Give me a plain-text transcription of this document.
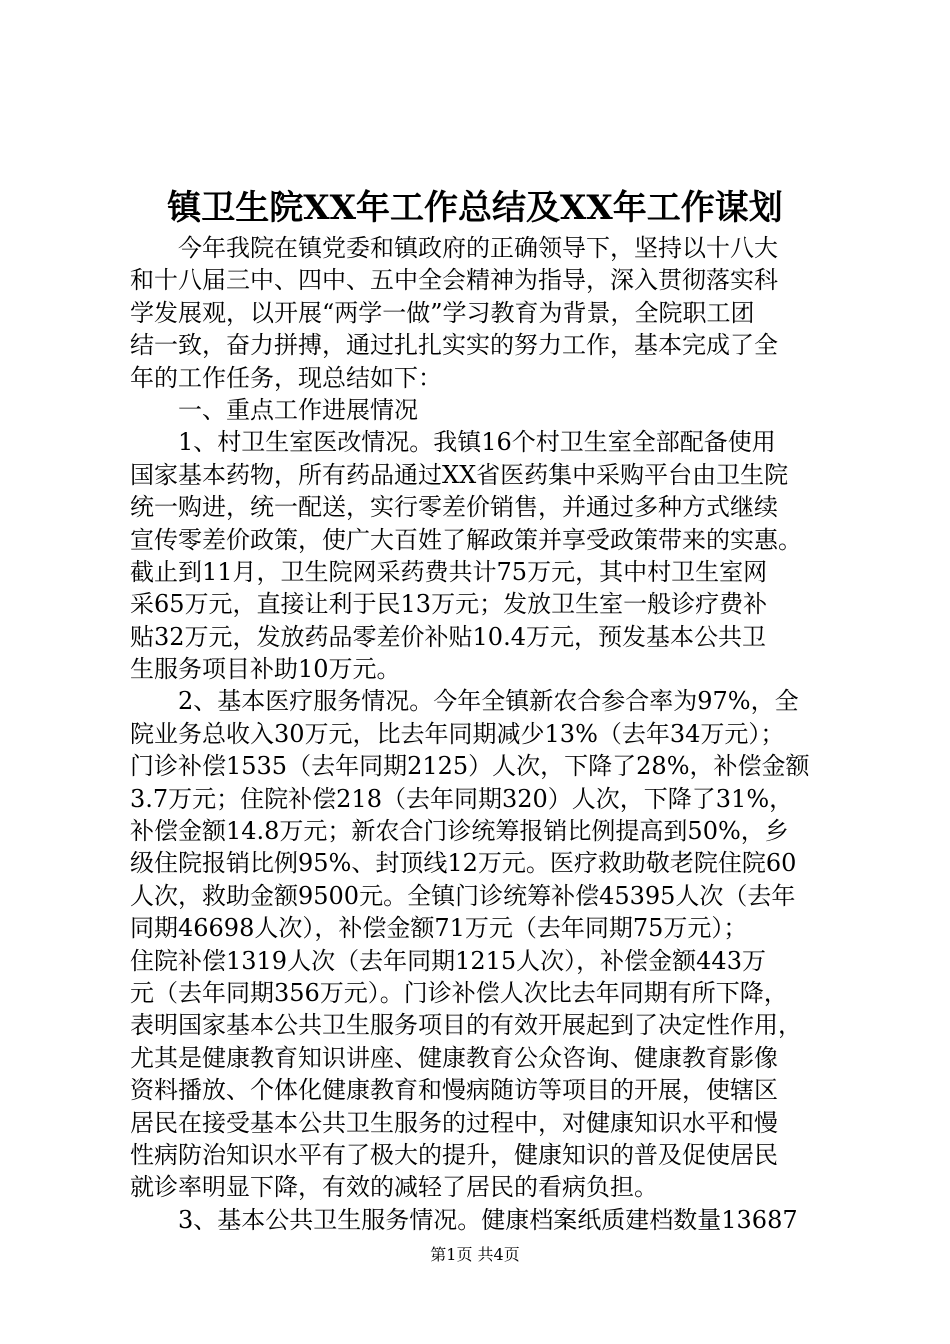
镇卫生院XX年工作总结及XX年工作谋划
　　今年我院在镇党委和镇政府的正确领导下，坚持以十八大
和十八届三中、四中、五中全会精神为指导，深入贯彻落实科
学发展观，以开展“两学一做”学习教育为背景，全院职工团
结一致，奋力拼搏，通过扎扎实实的努力工作，基本完成了全
年的工作任务，现总结如下：
　　一、重点工作进展情况
　　1、村卫生室医改情况。我镇16个村卫生室全部配备使用
国家基本药物，所有药品通过XX省医药集中采购平台由卫生院
统一购进，统一配送，实行零差价销售，并通过多种方式继续
宣传零差价政策，使广大百姓了解政策并享受政策带来的实惠。
截止到11月，卫生院网采药费共计75万元，其中村卫生室网
采65万元，直接让利于民13万元；发放卫生室一般诊疗费补
贴32万元，发放药品零差价补贴10.4万元，预发基本公共卫
生服务项目补助10万元。
　　2、基本医疗服务情况。今年全镇新农合参合率为97%，全
院业务总收入30万元，比去年同期减少13%（去年34万元）；
门诊补偿1535（去年同期2125）人次，下降了28%，补偿金额
3.7万元；住院补偿218（去年同期320）人次，下降了31%，
补偿金额14.8万元；新农合门诊统筹报销比例提高到50%，乡
级住院报销比例95%、封顶线12万元。医疗救助敬老院住院60
人次，救助金额9500元。全镇门诊统筹补偿45395人次（去年
同期46698人次），补偿金额71万元（去年同期75万元）；
住院补偿1319人次（去年同期1215人次），补偿金额443万
元（去年同期356万元）。门诊补偿人次比去年同期有所下降，
表明国家基本公共卫生服务项目的有效开展起到了决定性作用，
尤其是健康教育知识讲座、健康教育公众咨询、健康教育影像
资料播放、个体化健康教育和慢病随访等项目的开展，使辖区
居民在接受基本公共卫生服务的过程中，对健康知识水平和慢
性病防治知识水平有了极大的提升，健康知识的普及促使居民
就诊率明显下降，有效的减轻了居民的看病负担。
　　3、基本公共卫生服务情况。健康档案纸质建档数量13687
第1页 共4页
